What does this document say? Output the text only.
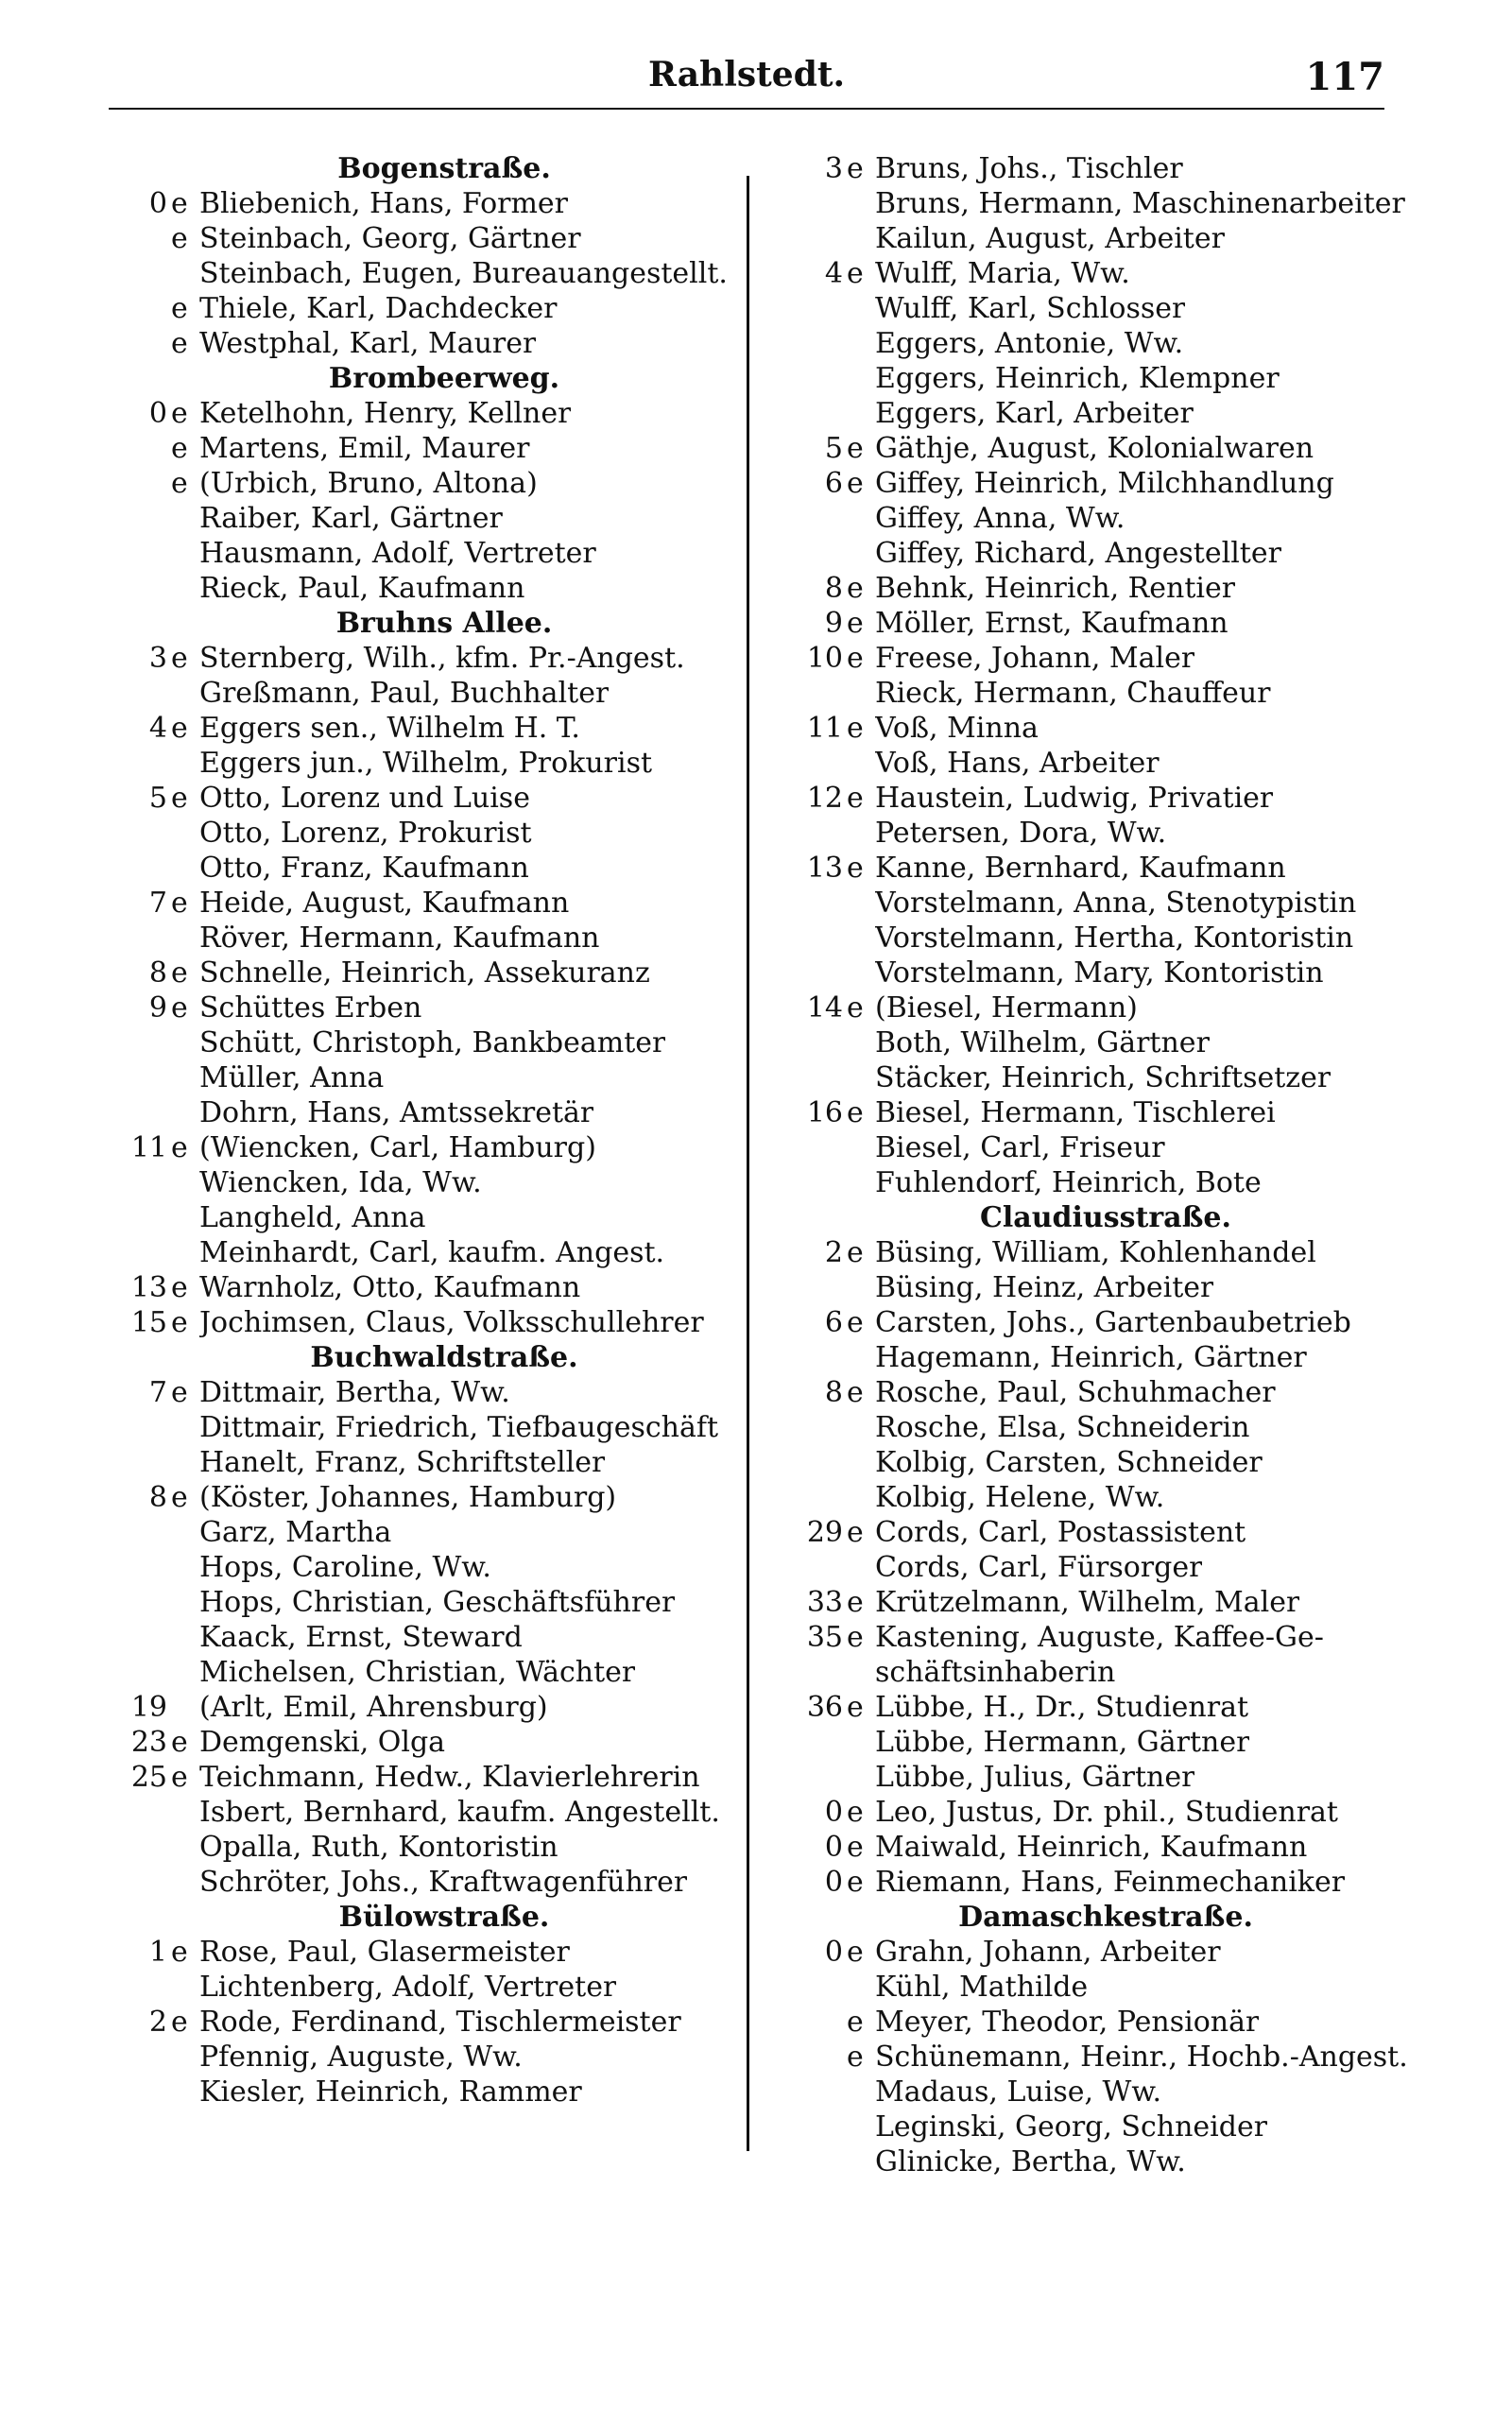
Rahlstedt.	117
Bogenstraße.
0 e Bliebenich, Hans, Former
e Steinbach, Georg, Gärtner
Steinbach, Eugen, Bureauangestellt.
e Thiele, Karl, Dachdecker
e Westphal, Karl, Maurer
Brombeerweg.
0 e Ketelhohn, Henry, Kellner
e Martens, Emil, Maurer
e (Urbich, Bruno, Altona)
Raiber, Karl, Gärtner
Hausmann, Adolf, Vertreter
Rieck, Paul, Kaufmann
Bruhns Allee.
3 e Sternberg, Wilh., kfm. Pr.-Angest.
Greßmann, Paul, Buchhalter
4 e Eggers sen., Wilhelm H. T.
Eggers jun., Wilhelm, Prokurist
5 e Otto, Lorenz und Luise
Otto, Lorenz, Prokurist
Otto, Franz, Kaufmann
7 e Heide, August, Kaufmann
Röver, Hermann, Kaufmann
8 e Schnelle, Heinrich, Assekuranz
9 e Schüttes Erben
Schütt, Christoph, Bankbeamter
Müller, Anna
Dohrn, Hans, Amtssekretär
11 e (Wiencken, Carl, Hamburg)
Wiencken, Ida, Ww.
Langheld, Anna
Meinhardt, Carl, kaufm. Angest.
13 e Warnholz, Otto, Kaufmann
15 e Jochimsen, Claus, Volksschullehrer
Buchwaldstraße.
7 e Dittmair, Bertha, Ww.
Dittmair, Friedrich, Tiefbaugeschäft
Hanelt, Franz, Schriftsteller
8 e (Köster, Johannes, Hamburg)
Garz, Martha
Hops, Caroline, Ww.
Hops, Christian, Geschäftsführer
Kaack, Ernst, Steward
Michelsen, Christian, Wächter
19 (Arlt, Emil, Ahrensburg)
23 e Demgenski, Olga
25 e Teichmann, Hedw., Klavierlehrerin
Isbert, Bernhard, kaufm. Angestellt.
Opalla, Ruth, Kontoristin
Schröter, Johs., Kraftwagenführer
Bülowstraße.
1 e Rose, Paul, Glasermeister
Lichtenberg, Adolf, Vertreter
2 e Rode, Ferdinand, Tischlermeister
Pfennig, Auguste, Ww.
Kiesler, Heinrich, Rammer
3 e Bruns, Johs., Tischler
Bruns, Hermann, Maschinenarbeiter
Kailun, August, Arbeiter
4 e Wulff, Maria, Ww.
Wulff, Karl, Schlosser
Eggers, Antonie, Ww.
Eggers, Heinrich, Klempner
Eggers, Karl, Arbeiter
5 e Gäthje, August, Kolonialwaren
6 e Giffey, Heinrich, Milchhandlung
Giffey, Anna, Ww.
Giffey, Richard, Angestellter
8 e Behnk, Heinrich, Rentier
9 e Möller, Ernst, Kaufmann
10 e Freese, Johann, Maler
Rieck, Hermann, Chauffeur
11 e Voß, Minna
Voß, Hans, Arbeiter
12 e Haustein, Ludwig, Privatier
Petersen, Dora, Ww.
13 e Kanne, Bernhard, Kaufmann
Vorstelmann, Anna, Stenotypistin
Vorstelmann, Hertha, Kontoristin
Vorstelmann, Mary, Kontoristin
14 e (Biesel, Hermann)
Both, Wilhelm, Gärtner
Stäcker, Heinrich, Schriftsetzer
16 e Biesel, Hermann, Tischlerei
Biesel, Carl, Friseur
Fuhlendorf, Heinrich, Bote
Claudiusstraße.
2 e Büsing, William, Kohlenhandel
Büsing, Heinz, Arbeiter
6 e Carsten, Johs., Gartenbaubetrieb
Hagemann, Heinrich, Gärtner
8 e Rosche, Paul, Schuhmacher
Rosche, Elsa, Schneiderin
Kolbig, Carsten, Schneider
Kolbig, Helene, Ww.
29 e Cords, Carl, Postassistent
Cords, Carl, Fürsorger
33 e Krützelmann, Wilhelm, Maler
35 e Kastening, Auguste, Kaffee-Ge-
schäftsinhaberin
36 e Lübbe, H., Dr., Studienrat
Lübbe, Hermann, Gärtner
Lübbe, Julius, Gärtner
0 e Leo, Justus, Dr. phil., Studienrat
0 e Maiwald, Heinrich, Kaufmann
0 e Riemann, Hans, Feinmechaniker
Damaschkestraße.
0 e Grahn, Johann, Arbeiter
Kühl, Mathilde
e Meyer, Theodor, Pensionär
e Schünemann, Heinr., Hochb.-Angest.
Madaus, Luise, Ww.
Leginski, Georg, Schneider
Glinicke, Bertha, Ww.
